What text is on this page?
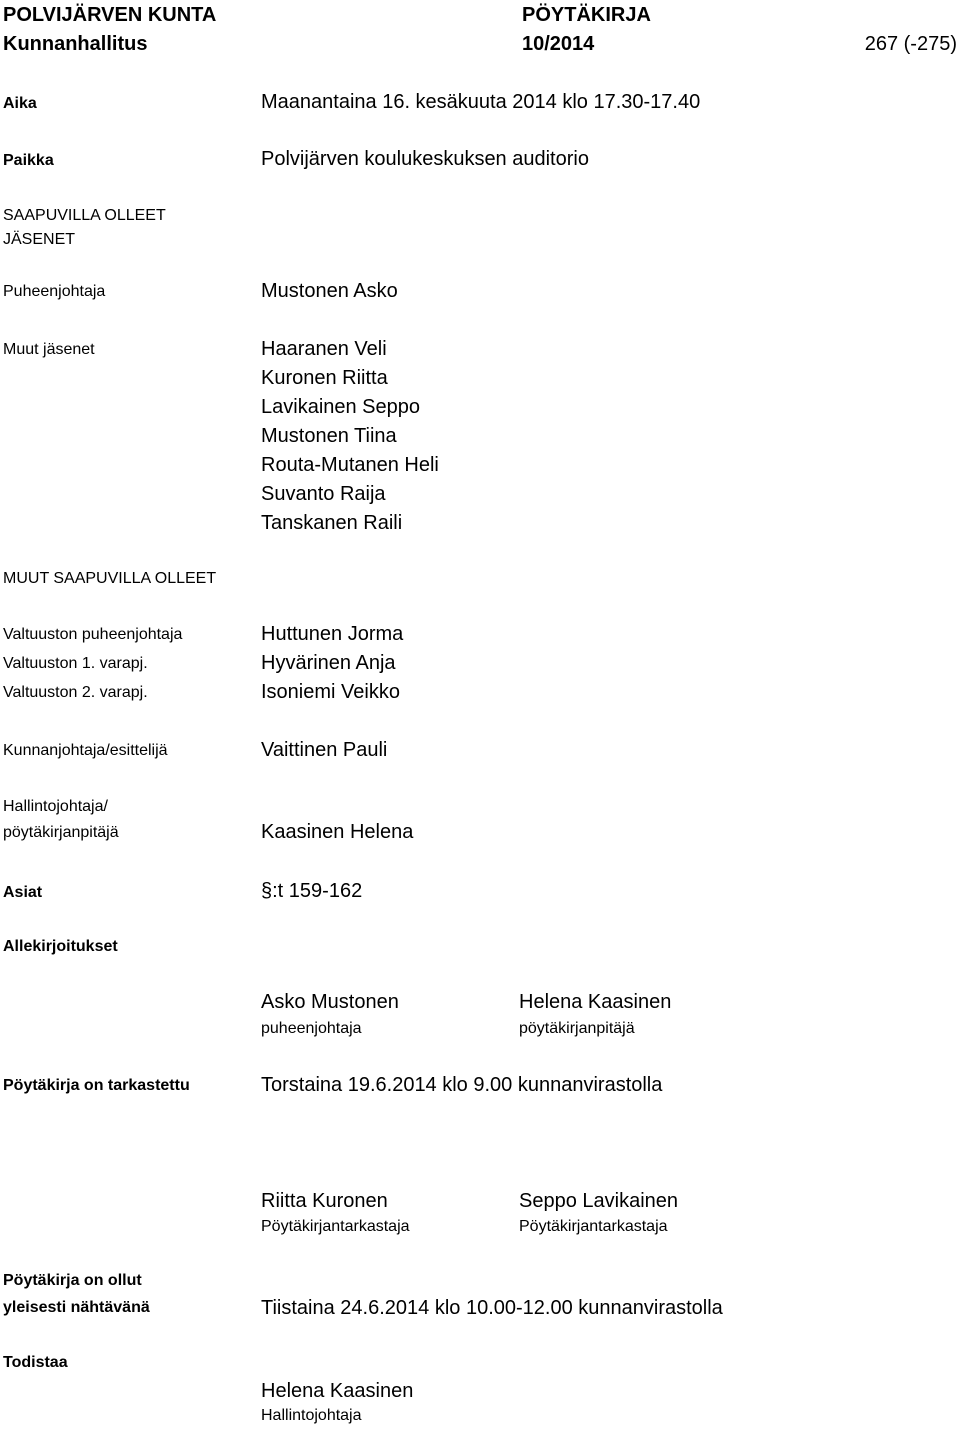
POLVIJÄRVEN KUNTA
Kunnanhallitus
PÖYTÄKIRJA
10/2014	267 (-275)
Aika	Maanantaina 16. kesäkuuta 2014 klo 17.30-17.40
Paikka	Polvijärven koulukeskuksen auditorio
SAAPUVILLA OLLEET
JÄSENET
Puheenjohtaja	Mustonen Asko
Muut jäsenet	Haaranen Veli
Kuronen Riitta
Lavikainen Seppo
Mustonen Tiina
Routa-Mutanen Heli
Suvanto Raija
Tanskanen Raili
MUUT SAAPUVILLA OLLEET
Valtuuston puheenjohtaja	Huttunen Jorma
Valtuuston 1. varapj.	Hyvärinen Anja
Valtuuston 2. varapj.	Isoniemi Veikko
Kunnanjohtaja/esittelijä	Vaittinen Pauli
Hallintojohtaja/
pöytäkirjanpitäjä	Kaasinen Helena
Asiat	§:t 159-162
Allekirjoitukset
Asko Mustonen
puheenjohtaja
Helena Kaasinen
pöytäkirjanpitäjä
Pöytäkirja on tarkastettu	Torstaina 19.6.2014 klo 9.00 kunnanvirastolla
Riitta Kuronen
Pöytäkirjantarkastaja
Seppo Lavikainen
Pöytäkirjantarkastaja
Pöytäkirja on ollut
yleisesti nähtävänä	Tiistaina 24.6.2014 klo 10.00-12.00 kunnanvirastolla
Todistaa
Helena Kaasinen
Hallintojohtaja
